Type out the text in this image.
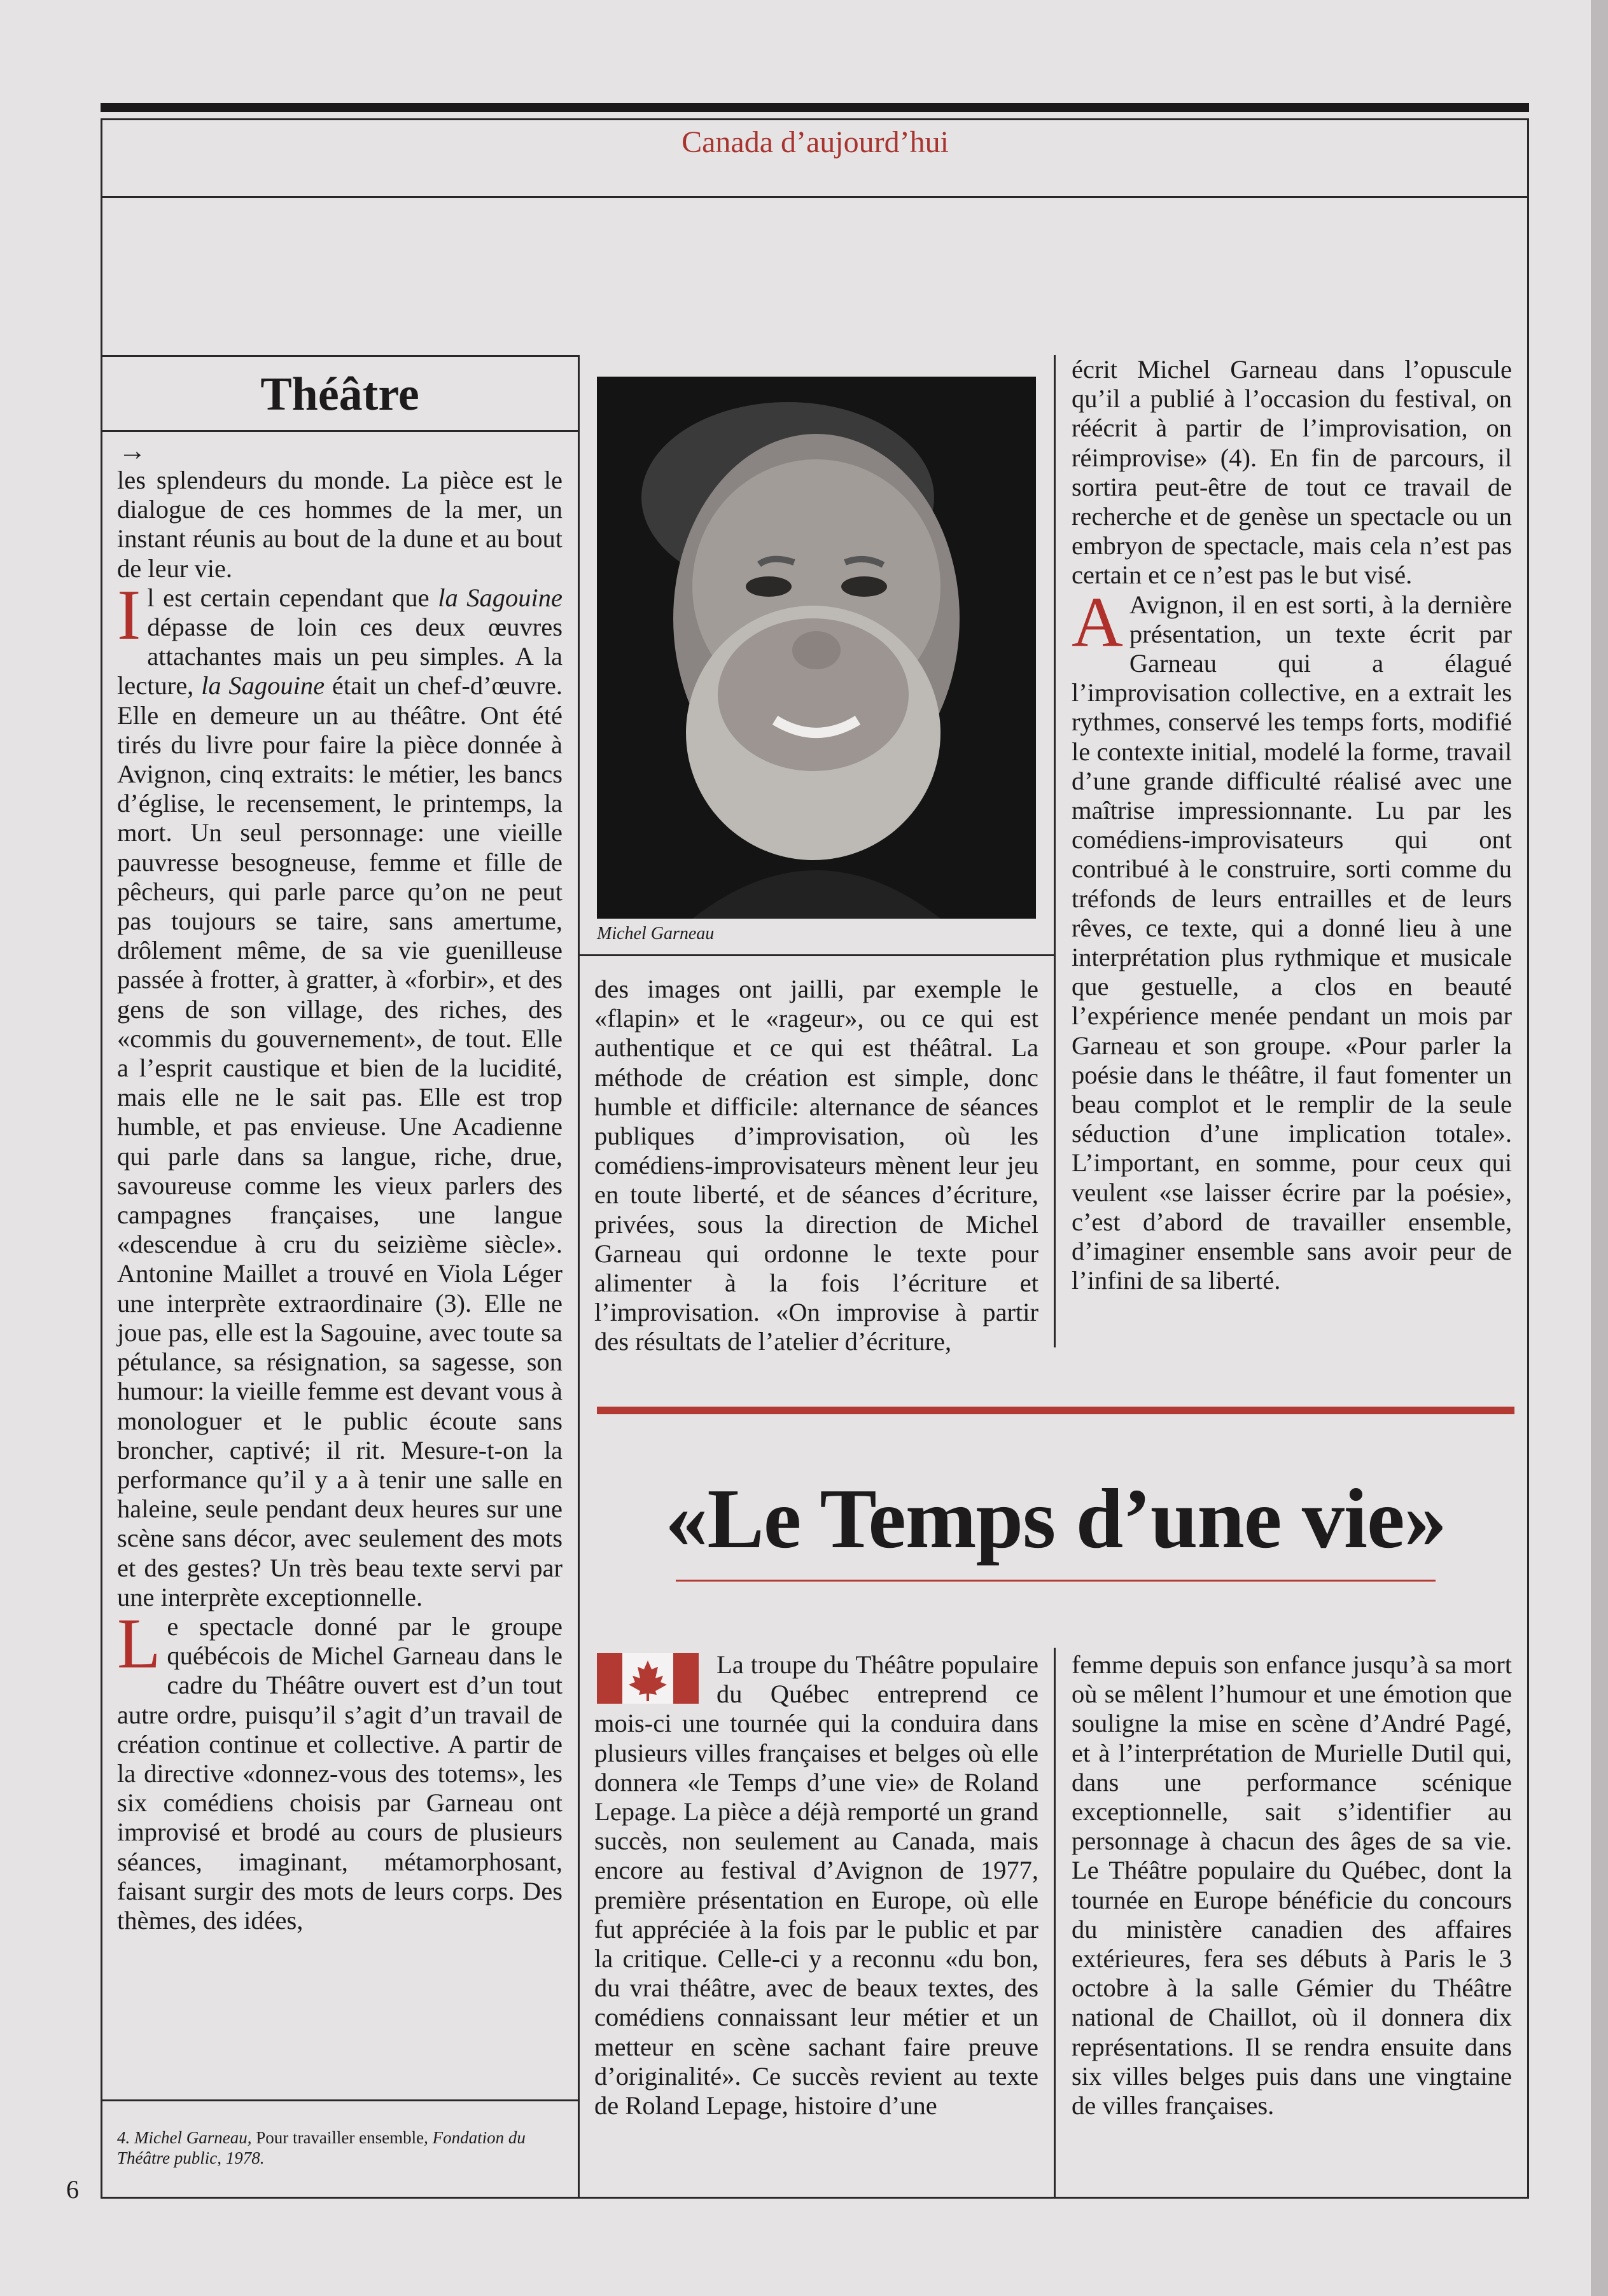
Canada d’aujourd’hui
Théâtre
→

les splendeurs du monde. La pièce est le dialogue de ces hommes de la mer, un instant réunis au bout de la dune et au bout de leur vie.

Il est certain cependant que la Sagouine dépasse de loin ces deux œuvres attachantes mais un peu simples. A la lecture, la Sagouine était un chef-d’œuvre. Elle en demeure un au théâtre. Ont été tirés du livre pour faire la pièce donnée à Avignon, cinq extraits: le métier, les bancs d’église, le recensement, le printemps, la mort. Un seul personnage: une vieille pauvresse besogneuse, femme et fille de pêcheurs, qui parle parce qu’on ne peut pas toujours se taire, sans amertume, drôlement même, de sa vie guenilleuse passée à frotter, à gratter, à «forbir», et des gens de son village, des riches, des «commis du gouvernement», de tout. Elle a l’esprit caustique et bien de la lucidité, mais elle ne le sait pas. Elle est trop humble, et pas envieuse. Une Acadienne qui parle dans sa langue, riche, drue, savoureuse comme les vieux parlers des campagnes françaises, une langue «descendue à cru du seizième siècle». Antonine Maillet a trouvé en Viola Léger une interprète extraordinaire (3). Elle ne joue pas, elle est la Sagouine, avec toute sa pétulance, sa résignation, sa sagesse, son humour: la vieille femme est devant vous à monologuer et le public écoute sans broncher, captivé; il rit. Mesure-t-on la performance qu’il y a à tenir une salle en haleine, seule pendant deux heures sur une scène sans décor, avec seulement des mots et des gestes? Un très beau texte servi par une interprète exceptionnelle.

Le spectacle donné par le groupe québécois de Michel Garneau dans le cadre du Théâtre ouvert est d’un tout autre ordre, puisqu’il s’agit d’un travail de création continue et collective. A partir de la directive «donnez-vous des totems», les six comédiens choisis par Garneau ont improvisé et brodé au cours de plusieurs séances, imaginant, métamorphosant, faisant surgir des mots de leurs corps. Des thèmes, des idées,

Michel Garneau

des images ont jailli, par exemple le «flapin» et le «rageur», ou ce qui est authentique et ce qui est théâtral. La méthode de création est simple, donc humble et difficile: alternance de séances publiques d’improvisation, où les comédiens-improvisateurs mènent leur jeu en toute liberté, et de séances d’écriture, privées, sous la direction de Michel Garneau qui ordonne le texte pour alimenter à la fois l’écriture et l’improvisation. «On improvise à partir des résultats de l’atelier d’écriture,

écrit Michel Garneau dans l’opuscule qu’il a publié à l’occasion du festival, on réécrit à partir de l’improvisation, on réimprovise» (4). En fin de parcours, il sortira peut-être de tout ce travail de recherche et de genèse un spectacle ou un embryon de spectacle, mais cela n’est pas certain et ce n’est pas le but visé.

A Avignon, il en est sorti, à la dernière présentation, un texte écrit par Garneau qui a élagué l’improvisation collective, en a extrait les rythmes, conservé les temps forts, modifié le contexte initial, modelé la forme, travail d’une grande difficulté réalisé avec une maîtrise impressionnante. Lu par les comédiens-improvisateurs qui ont contribué à le construire, sorti comme du tréfonds de leurs entrailles et de leurs rêves, ce texte, qui a donné lieu à une interprétation plus rythmique et musicale que gestuelle, a clos en beauté l’expérience menée pendant un mois par Garneau et son groupe. «Pour parler la poésie dans le théâtre, il faut fomenter un beau complot et le remplir de la seule séduction d’une implication totale». L’important, en somme, pour ceux qui veulent «se laisser écrire par la poésie», c’est d’abord de travailler ensemble, d’imaginer ensemble sans avoir peur de l’infini de sa liberté.

«Le Temps d’une vie»

La troupe du Théâtre populaire du Québec entreprend ce mois-ci une tournée qui la conduira dans plusieurs villes françaises et belges où elle donnera «le Temps d’une vie» de Roland Lepage. La pièce a déjà remporté un grand succès, non seulement au Canada, mais encore au festival d’Avignon de 1977, première présentation en Europe, où elle fut appréciée à la fois par le public et par la critique. Celle-ci y a reconnu «du bon, du vrai théâtre, avec de beaux textes, des comédiens connaissant leur métier et un metteur en scène sachant faire preuve d’originalité». Ce succès revient au texte de Roland Lepage, histoire d’une

femme depuis son enfance jusqu’à sa mort où se mêlent l’humour et une émotion que souligne la mise en scène d’André Pagé, et à l’interprétation de Murielle Dutil qui, dans une performance scénique exceptionnelle, sait s’identifier au personnage à chacun des âges de sa vie. Le Théâtre populaire du Québec, dont la tournée en Europe bénéficie du concours du ministère canadien des affaires extérieures, fera ses débuts à Paris le 3 octobre à la salle Gémier du Théâtre national de Chaillot, où il donnera dix représentations. Il se rendra ensuite dans six villes belges puis dans une vingtaine de villes françaises.

4. Michel Garneau, Pour travailler ensemble, Fondation du Théâtre public, 1978.
6
